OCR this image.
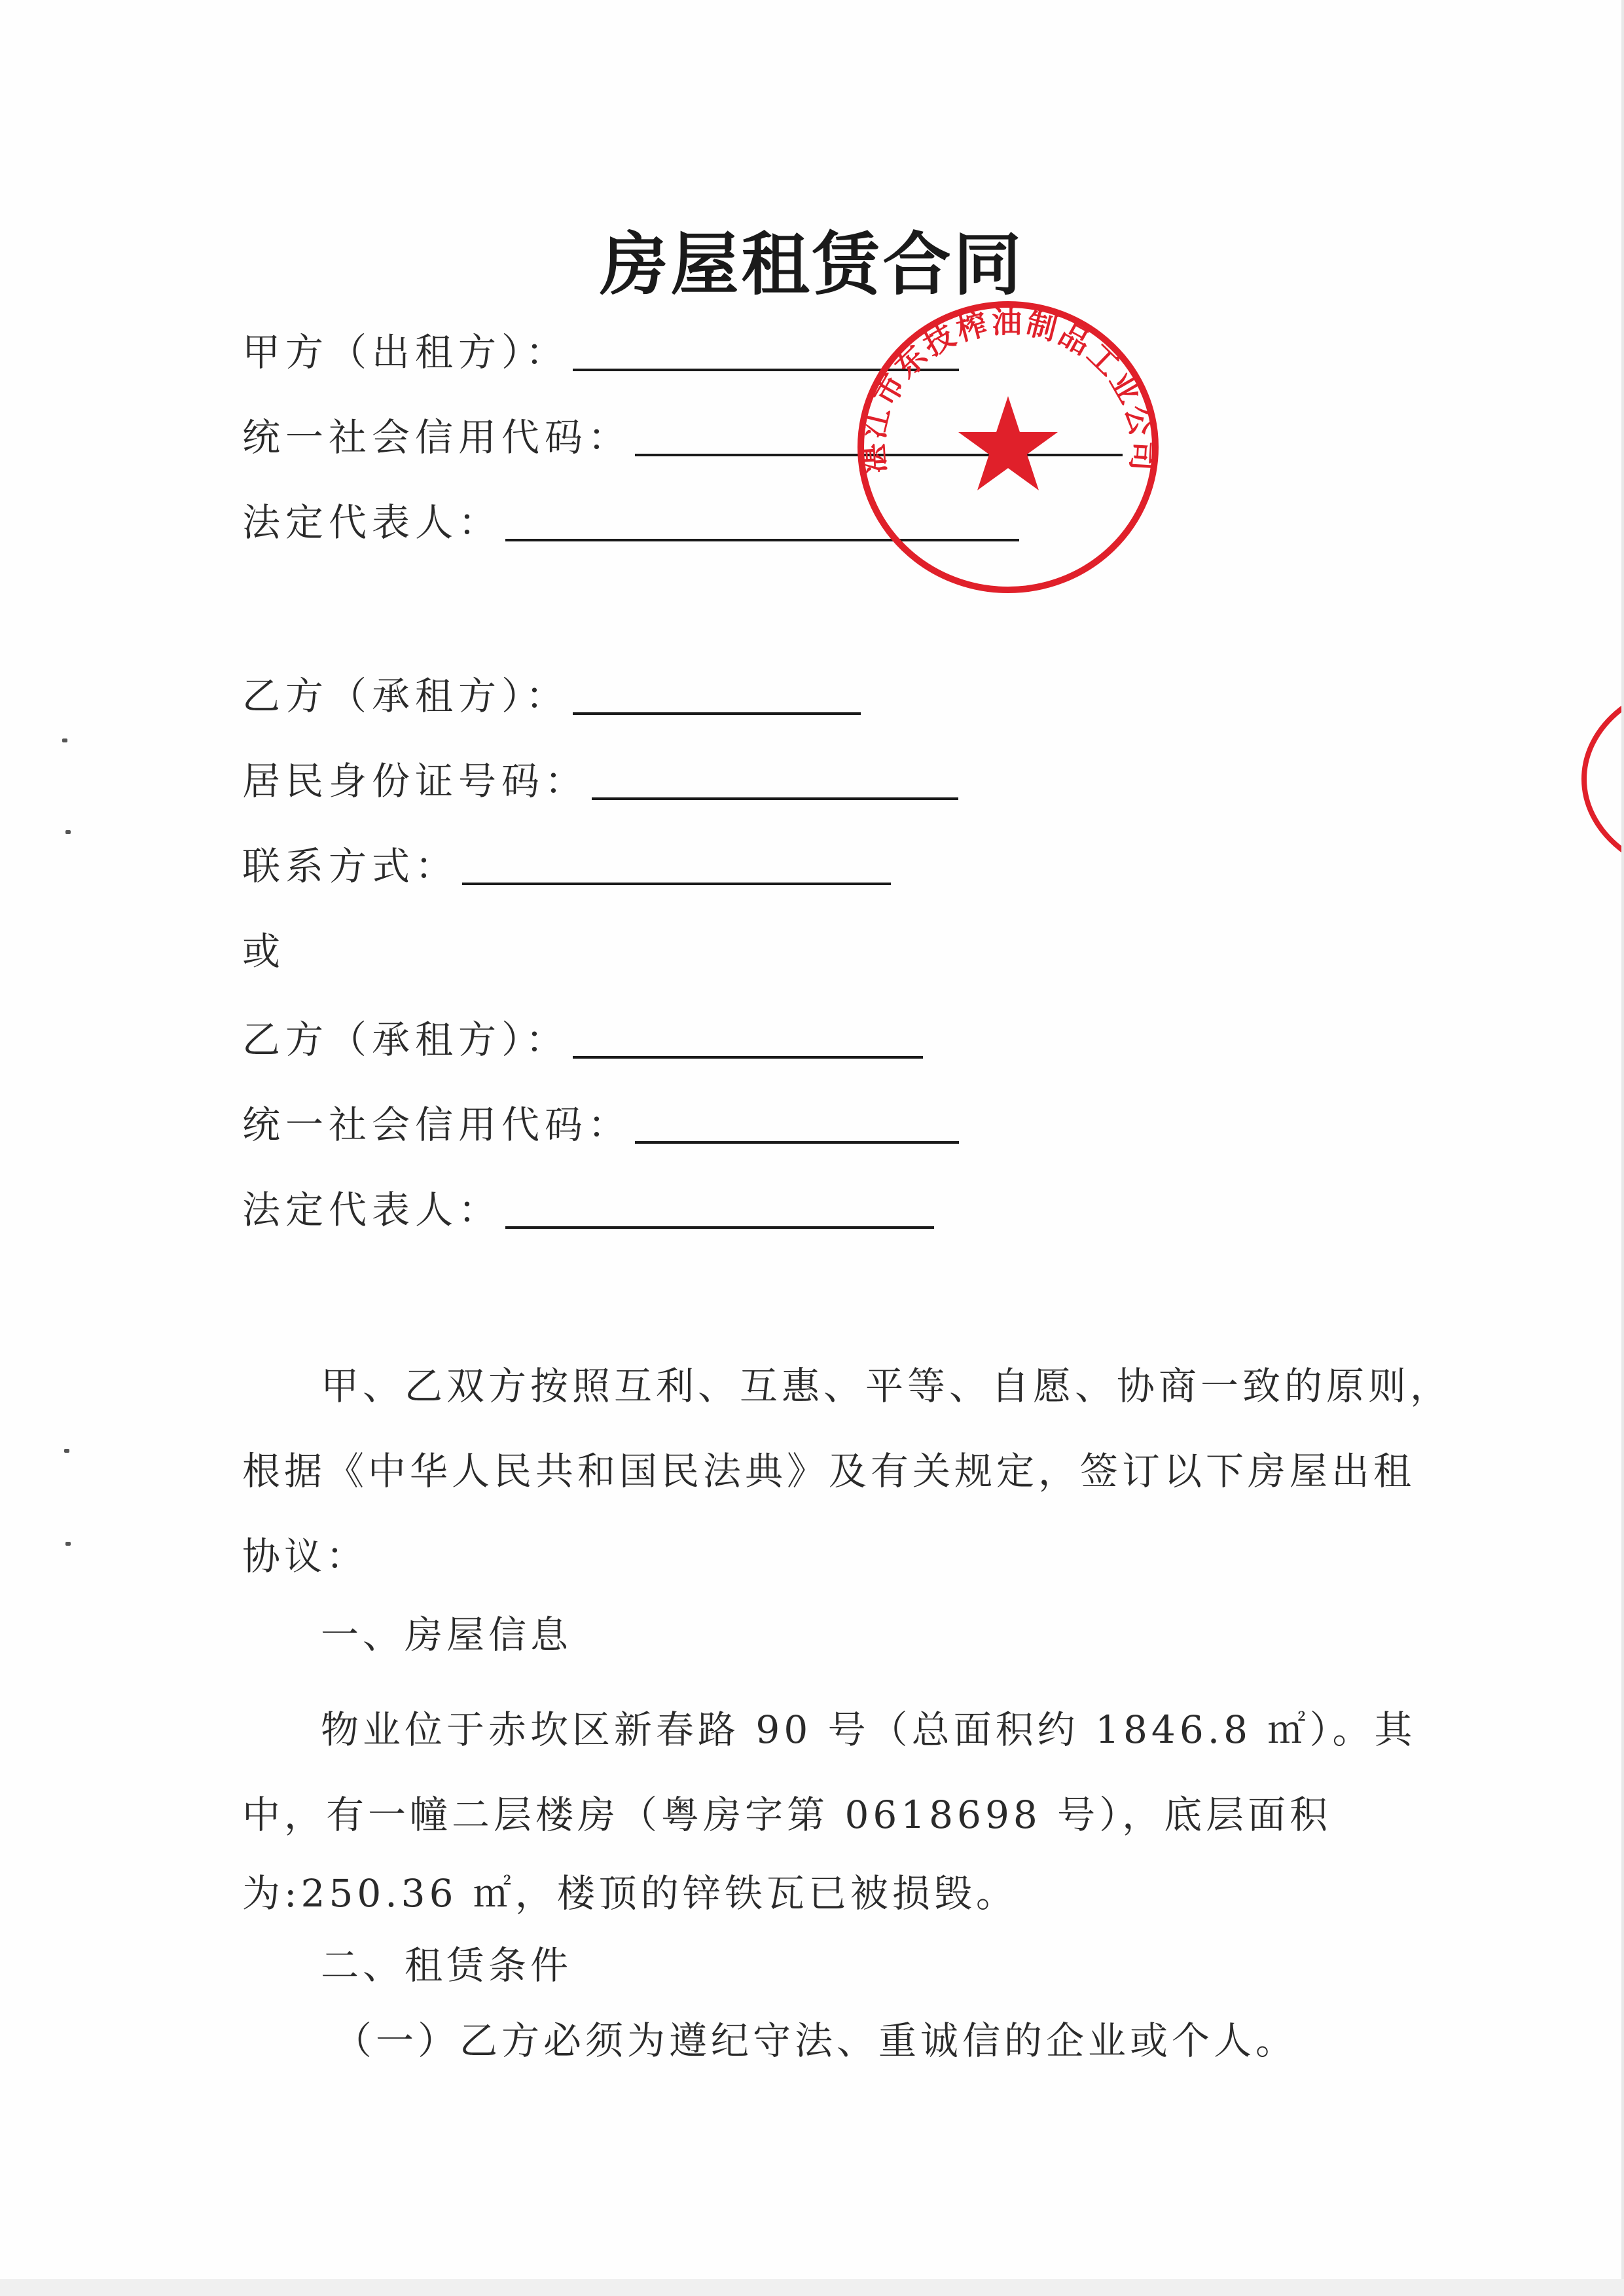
房屋租赁合同
甲方（出租方）：
统一社会信用代码：
法定代表人：
乙方（承租方）：
居民身份证号码：
联系方式：
或
乙方（承租方）：
统一社会信用代码：
法定代表人：
甲、乙双方按照互利、互惠、平等、自愿、协商一致的原则，
根据《中华人民共和国民法典》及有关规定，签订以下房屋出租
协议：
一、房屋信息
物业位于赤坎区新春路 90 号（总面积约 1846.8 ㎡）。其
中，有一幢二层楼房（粤房字第 0618698 号），底层面积
为:250.36 ㎡，楼顶的锌铁瓦已被损毁。
二、租赁条件
（一）乙方必须为遵纪守法、重诚信的企业或个人。
湛江市东技榨油制品工业公司
